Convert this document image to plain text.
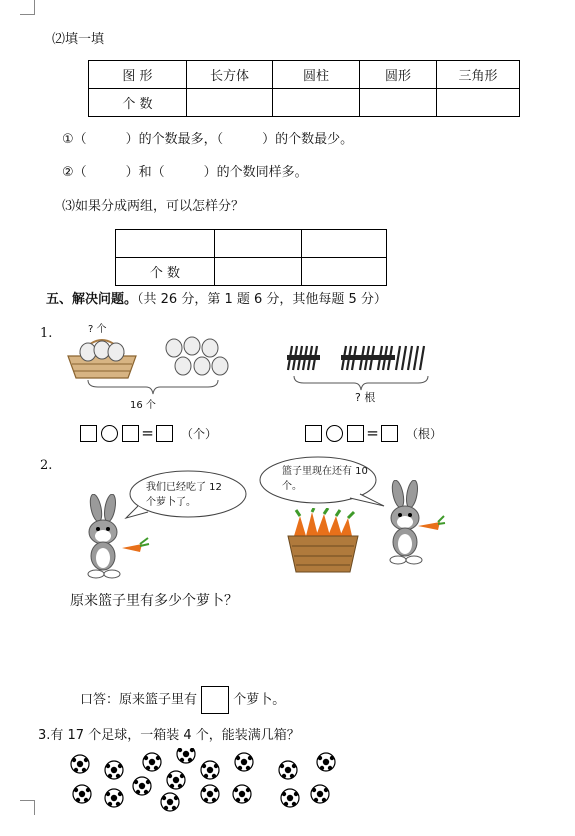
⑵填一填
图 形	长方体	圆柱	圆形	三角形
个 数				
①（　　　）的个数最多，（　　　）的个数最少。
②（　　　）和（　　　）的个数同样多。
⑶如果分成两组，可以怎样分？

个 数		
五、解决问题。（共 26 分，第 1 题 6 分，其他每题 5 分）
1.	? 个
16 个
? 根
= （个）	= （根）
2.
我们已经吃了 12 个萝卜了。
篮子里现在还有 10 个。
原来篮子里有多少个萝卜？
口答：原来篮子里有	个萝卜。
3.有 17 个足球，一箱装 4 个，能装满几箱？
